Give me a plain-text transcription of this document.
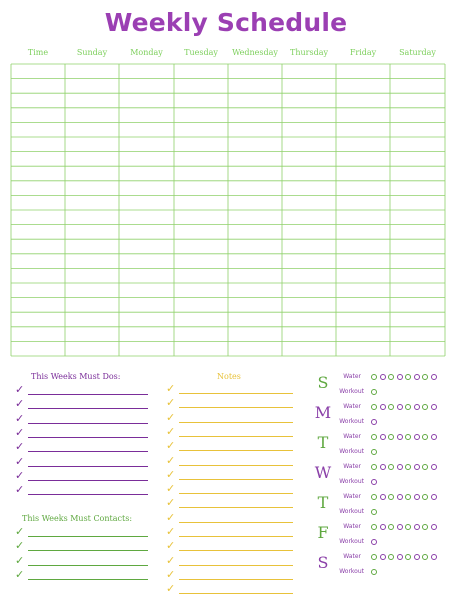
Weekly Schedule
Time	Sunday	Monday	Tuesday	Wednesday	Thursday	Friday	Saturday
This Weeks Must Dos:
✓
✓
✓
✓
✓
✓
✓
✓
This Weeks Must Contacts:
✓
✓
✓
✓
Notes
✓
✓
✓
✓
✓
✓
✓
✓
✓
✓
✓
✓
✓
✓
✓
S	Water
Workout
M	Water
Workout
T	Water
Workout
W	Water
Workout
T	Water
Workout
F	Water
Workout
S	Water
Workout
